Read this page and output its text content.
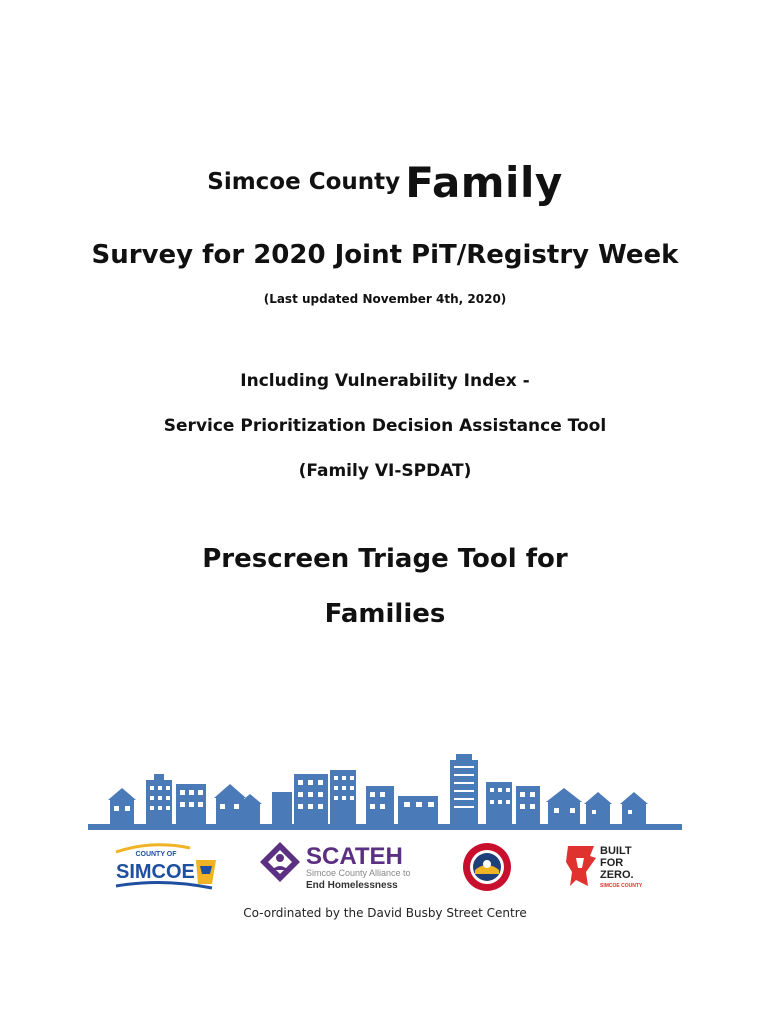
Simcoe County Family
Survey for 2020 Joint PiT/Registry Week
(Last updated November 4th, 2020)
Including Vulnerability Index -
Service Prioritization Decision Assistance Tool
(Family VI-SPDAT)
Prescreen Triage Tool for
Families
COUNTY OF
SIMCOE
SCATEH
Simcoe County Alliance to
End Homelessness
BUILT
FOR
ZERO.
SIMCOE COUNTY
Co-ordinated by the David Busby Street Centre
